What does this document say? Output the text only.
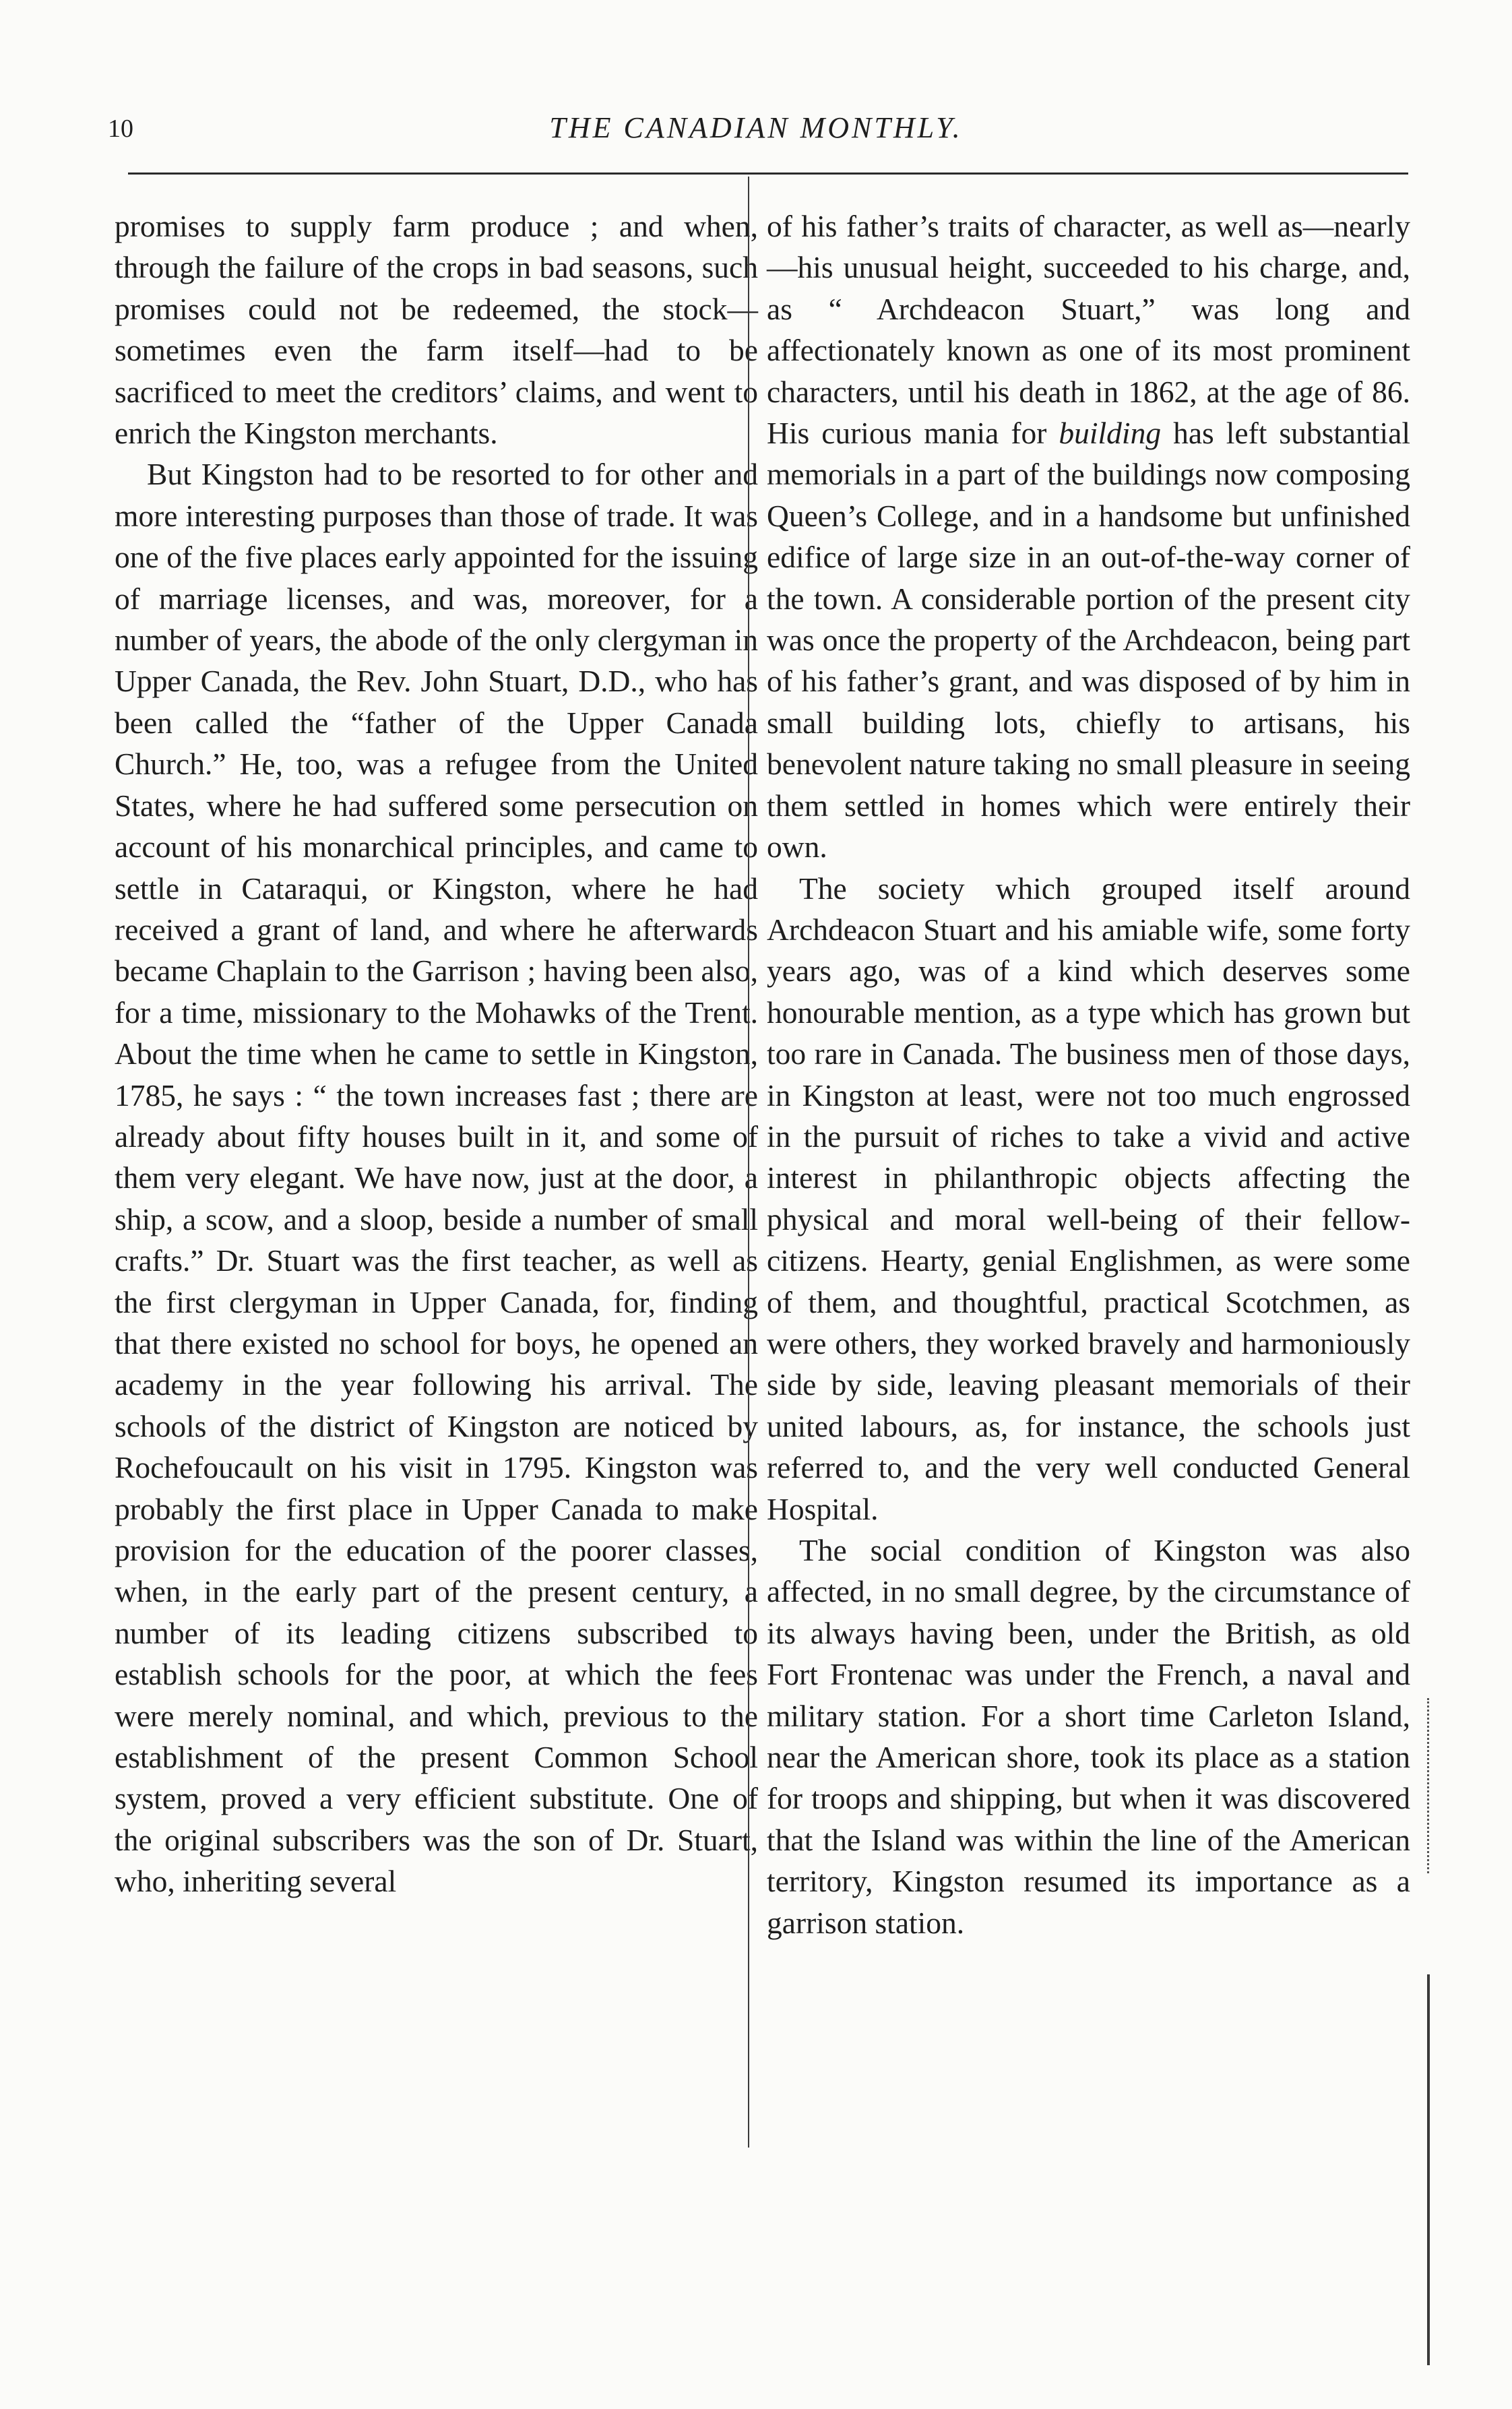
10	THE CANADIAN MONTHLY.

promises to supply farm produce ; and when, through the failure of the crops in bad seasons, such promises could not be redeemed, the stock—sometimes even the farm itself—had to be sacrificed to meet the creditors’ claims, and went to enrich the Kingston merchants.

But Kingston had to be resorted to for other and more interesting purposes than those of trade. It was one of the five places early appointed for the issuing of marriage licenses, and was, moreover, for a number of years, the abode of the only clergyman in Upper Canada, the Rev. John Stuart, D.D., who has been called the “father of the Upper Canada Church.” He, too, was a refugee from the United States, where he had suffered some persecution on account of his monarchical principles, and came to settle in Cataraqui, or Kingston, where he had received a grant of land, and where he afterwards became Chaplain to the Garrison ; having been also, for a time, missionary to the Mohawks of the Trent. About the time when he came to settle in Kingston, 1785, he says : “ the town increases fast ; there are already about fifty houses built in it, and some of them very elegant. We have now, just at the door, a ship, a scow, and a sloop, beside a number of small crafts.” Dr. Stuart was the first teacher, as well as the first clergyman in Upper Canada, for, finding that there existed no school for boys, he opened an academy in the year following his arrival. The schools of the district of Kingston are noticed by Rochefoucault on his visit in 1795. Kingston was probably the first place in Upper Canada to make provision for the education of the poorer classes, when, in the early part of the present century, a number of its leading citizens subscribed to establish schools for the poor, at which the fees were merely nominal, and which, previous to the establishment of the present Common School system, proved a very efficient substitute. One of the original subscribers was the son of Dr. Stuart, who, inheriting several

of his father’s traits of character, as well as—nearly—his unusual height, succeeded to his charge, and, as “ Archdeacon Stuart,” was long and affectionately known as one of its most prominent characters, until his death in 1862, at the age of 86. His curious mania for building has left substantial memorials in a part of the buildings now composing Queen’s College, and in a handsome but unfinished edifice of large size in an out-of-the-way corner of the town. A considerable portion of the present city was once the property of the Archdeacon, being part of his father’s grant, and was disposed of by him in small building lots, chiefly to artisans, his benevolent nature taking no small pleasure in seeing them settled in homes which were entirely their own.

The society which grouped itself around Archdeacon Stuart and his amiable wife, some forty years ago, was of a kind which deserves some honourable mention, as a type which has grown but too rare in Canada. The business men of those days, in Kingston at least, were not too much engrossed in the pursuit of riches to take a vivid and active interest in philanthropic objects affecting the physical and moral well-being of their fellow-citizens. Hearty, genial Englishmen, as were some of them, and thoughtful, practical Scotchmen, as were others, they worked bravely and harmoniously side by side, leaving pleasant memorials of their united labours, as, for instance, the schools just referred to, and the very well conducted General Hospital.

The social condition of Kingston was also affected, in no small degree, by the circumstance of its always having been, under the British, as old Fort Frontenac was under the French, a naval and military station. For a short time Carleton Island, near the American shore, took its place as a station for troops and shipping, but when it was discovered that the Island was within the line of the American territory, Kingston resumed its importance as a garrison station.
